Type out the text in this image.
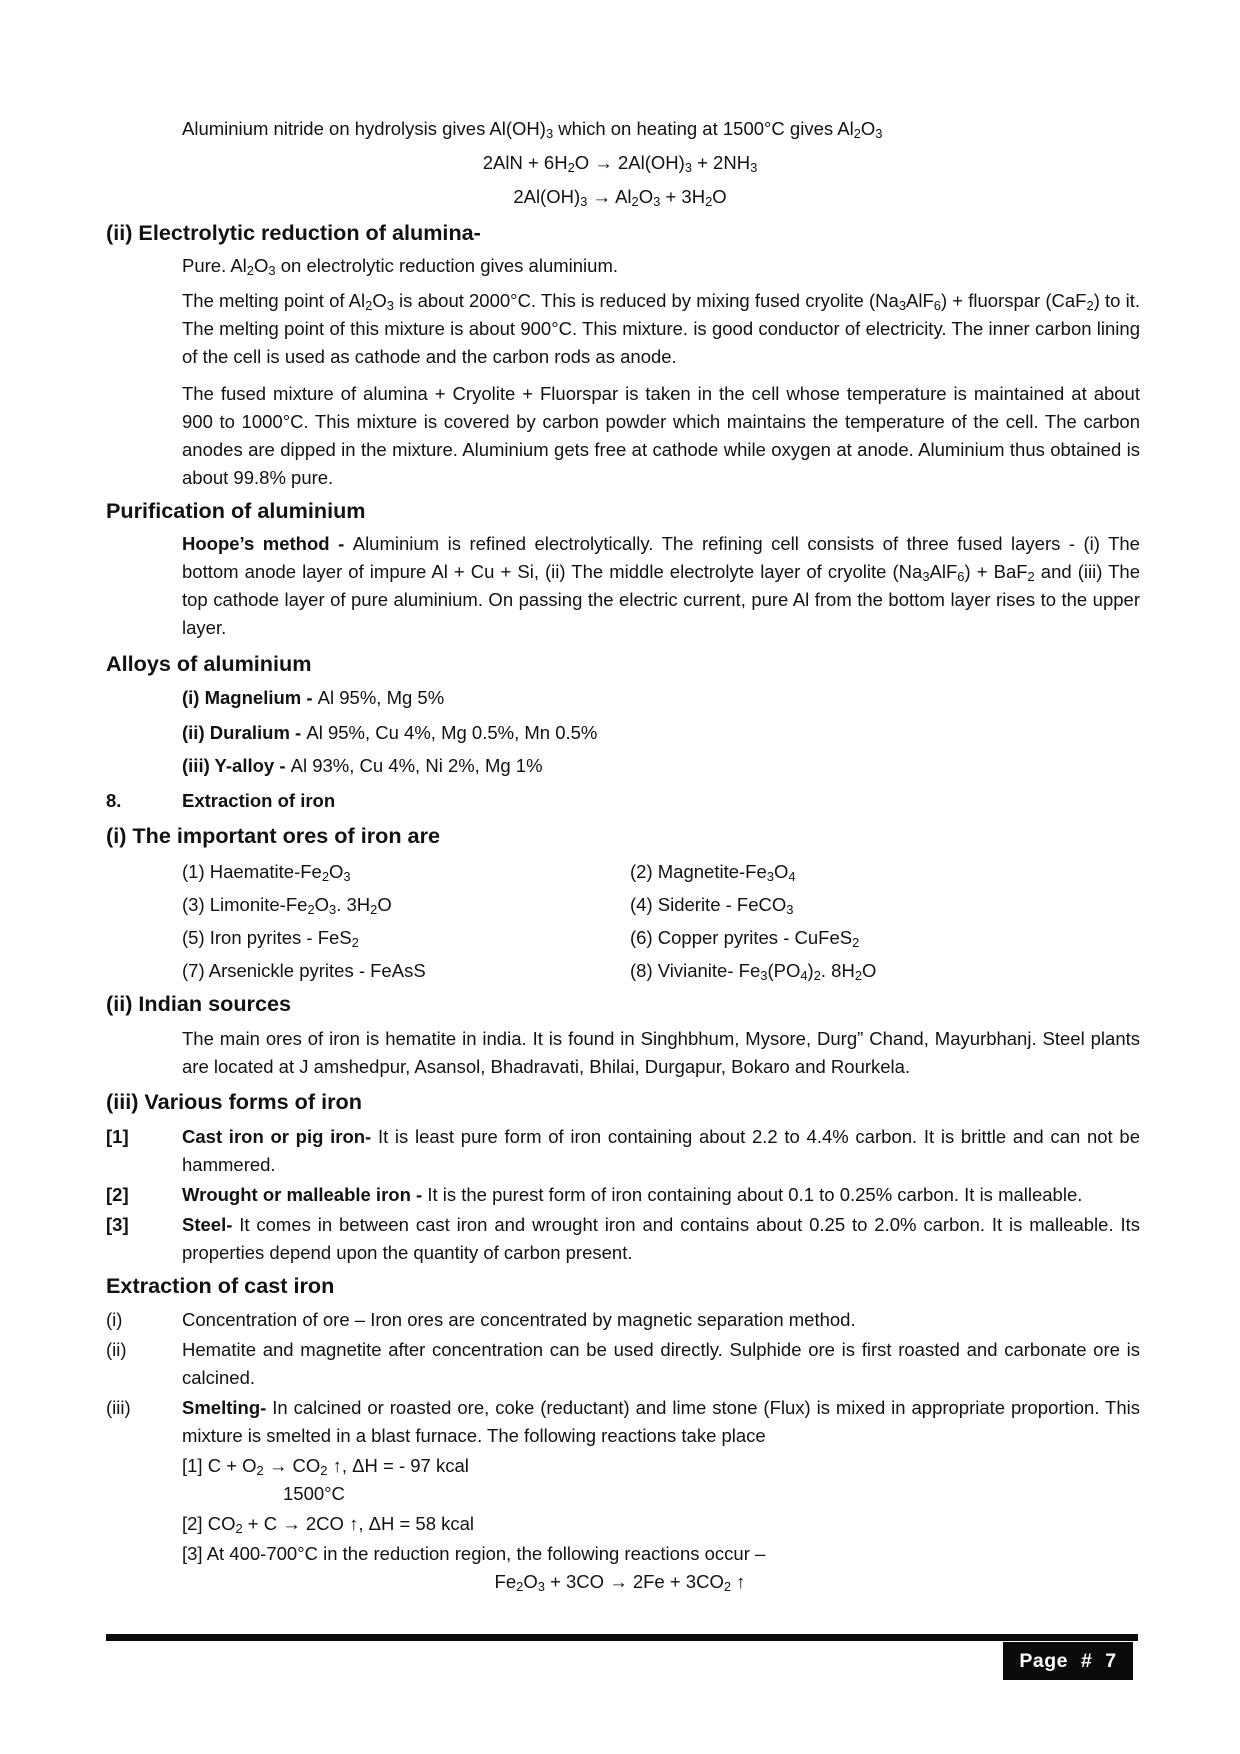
Aluminium nitride on hydrolysis gives $Al(OH)_3$ which on heating at 1500°C gives $Al_2O_3$

$2AlN + 6H_2O \to 2Al(OH)_3 + 2NH_3$
$2Al(OH)_3 \to Al_2O_3 + 3H_2O$
(ii) Electrolytic reduction of alumina-

Pure. $Al_2O_3$ on electrolytic reduction gives aluminium.

The melting point of $Al_2O_3$ is about 2000°C. This is reduced by mixing fused cryolite $(Na_3AlF_6)$ + fluorspar (CaF$_2$) to it. The melting point of this mixture is about 900°C. This mixture. is good conductor of electricity. The inner carbon lining of the cell is used as cathode and the carbon rods as anode.

The fused mixture of alumina + Cryolite + Fluorspar is taken in the cell whose temperature is maintained at about 900 to 1000°C. This mixture is covered by carbon powder which maintains the temperature of the cell. The carbon anodes are dipped in the mixture. Aluminium gets free at cathode while oxygen at anode. Aluminium thus obtained is about 99.8% pure.

Purification of aluminium

Hoope’s method - Aluminium is refined electrolytically. The refining cell consists of three fused layers - (i) The bottom anode layer of impure Al + Cu + Si, (ii) The middle electrolyte layer of cryolite $(Na_3AlF_6) + BaF_2$ and (iii) The top cathode layer of pure aluminium. On passing the electric current, pure Al from the bottom layer rises to the upper layer.

Alloys of aluminium

(i) Magnelium - Al 95%, Mg 5%

(ii) Duralium - Al 95%, Cu 4%, Mg 0.5%, Mn 0.5%

(iii) Y-alloy - Al 93%, Cu 4%, Ni 2%, Mg 1%

8.	Extraction of iron
(i) The important ores of iron are
(1) Haematite-$Fe_2O_3$	(2) Magnetite-$Fe_3O_4$
(3) Limonite-$Fe_2O_3$. $3H_2O$	(4) Siderite - FeCO$_3$
(5) Iron pyrites - FeS$_2$	(6) Copper pyrites - CuFeS$_2$
(7) Arsenickle pyrites - FeAsS	(8) Vivianite- $Fe_3(PO_4)_2$. $8H_2O$
(ii) Indian sources

The main ores of iron is hematite in india. It is found in Singhbhum, Mysore, Durg” Chand, Mayurbhanj. Steel plants are located at J amshedpur, Asansol, Bhadravati, Bhilai, Durgapur, Bokaro and Rourkela.

(iii) Various forms of iron
[1]	Cast iron or pig iron- It is least pure form of iron containing about 2.2 to 4.4% carbon. It is brittle and can not be hammered.
[2]	Wrought or malleable iron - It is the purest form of iron containing about 0.1 to 0.25% carbon. It is malleable.
[3]	Steel- It comes in between cast iron and wrought iron and contains about 0.25 to 2.0% carbon. It is malleable. Its properties depend upon the quantity of carbon present.
Extraction of cast iron
(i)	Concentration of ore – Iron ores are concentrated by magnetic separation method.
(ii)	Hematite and magnetite after concentration can be used directly. Sulphide ore is first roasted and carbonate ore is calcined.
(iii)	Smelting- In calcined or roasted ore, coke (reductant) and lime stone (Flux) is mixed in appropriate proportion. This mixture is smelted in a blast furnace. The following reactions take place
[1] $C + O_2 \to CO_2$ ↑, ΔH = - 97 kcal
1500°C
[2] $CO_2 + C \to 2CO$ ↑, ΔH = 58 kcal
[3] At 400-700°C in the reduction region, the following reactions occur –
$Fe_2O_3 + 3CO \to 2Fe + 3CO_2$ ↑
Page # 7
